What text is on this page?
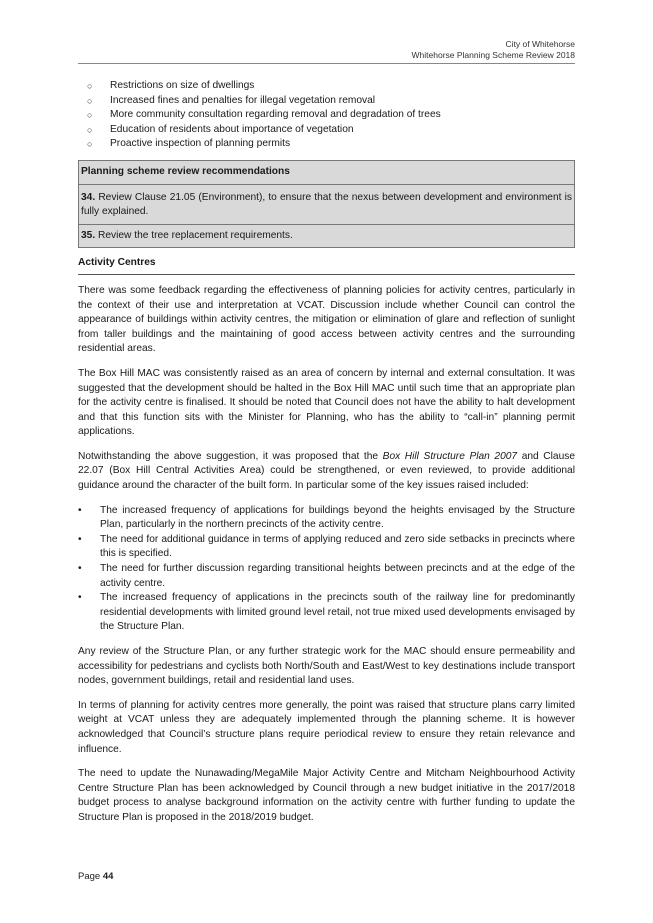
City of Whitehorse
Whitehorse Planning Scheme Review 2018
○ Restrictions on size of dwellings
○ Increased fines and penalties for illegal vegetation removal
○ More community consultation regarding removal and degradation of trees
○ Education of residents about importance of vegetation
○ Proactive inspection of planning permits
Planning scheme review recommendations
34. Review Clause 21.05 (Environment), to ensure that the nexus between development and environment is fully explained.
35. Review the tree replacement requirements.
Activity Centres

There was some feedback regarding the effectiveness of planning policies for activity centres, particularly in the context of their use and interpretation at VCAT. Discussion include whether Council can control the appearance of buildings within activity centres, the mitigation or elimination of glare and reflection of sunlight from taller buildings and the maintaining of good access between activity centres and the surrounding residential areas.

The Box Hill MAC was consistently raised as an area of concern by internal and external consultation. It was suggested that the development should be halted in the Box Hill MAC until such time that an appropriate plan for the activity centre is finalised. It should be noted that Council does not have the ability to halt development and that this function sits with the Minister for Planning, who has the ability to “call-in” planning permit applications.

Notwithstanding the above suggestion, it was proposed that the Box Hill Structure Plan 2007 and Clause 22.07 (Box Hill Central Activities Area) could be strengthened, or even reviewed, to provide additional guidance around the character of the built form. In particular some of the key issues raised included:

• The increased frequency of applications for buildings beyond the heights envisaged by the Structure Plan, particularly in the northern precincts of the activity centre.
• The need for additional guidance in terms of applying reduced and zero side setbacks in precincts where this is specified.
• The need for further discussion regarding transitional heights between precincts and at the edge of the activity centre.
• The increased frequency of applications in the precincts south of the railway line for predominantly residential developments with limited ground level retail, not true mixed used developments envisaged by the Structure Plan.

Any review of the Structure Plan, or any further strategic work for the MAC should ensure permeability and accessibility for pedestrians and cyclists both North/South and East/West to key destinations include transport nodes, government buildings, retail and residential land uses.

In terms of planning for activity centres more generally, the point was raised that structure plans carry limited weight at VCAT unless they are adequately implemented through the planning scheme. It is however acknowledged that Council’s structure plans require periodical review to ensure they retain relevance and influence.

The need to update the Nunawading/MegaMile Major Activity Centre and Mitcham Neighbourhood Activity Centre Structure Plan has been acknowledged by Council through a new budget initiative in the 2017/2018 budget process to analyse background information on the activity centre with further funding to update the Structure Plan is proposed in the 2018/2019 budget.

Page 44
